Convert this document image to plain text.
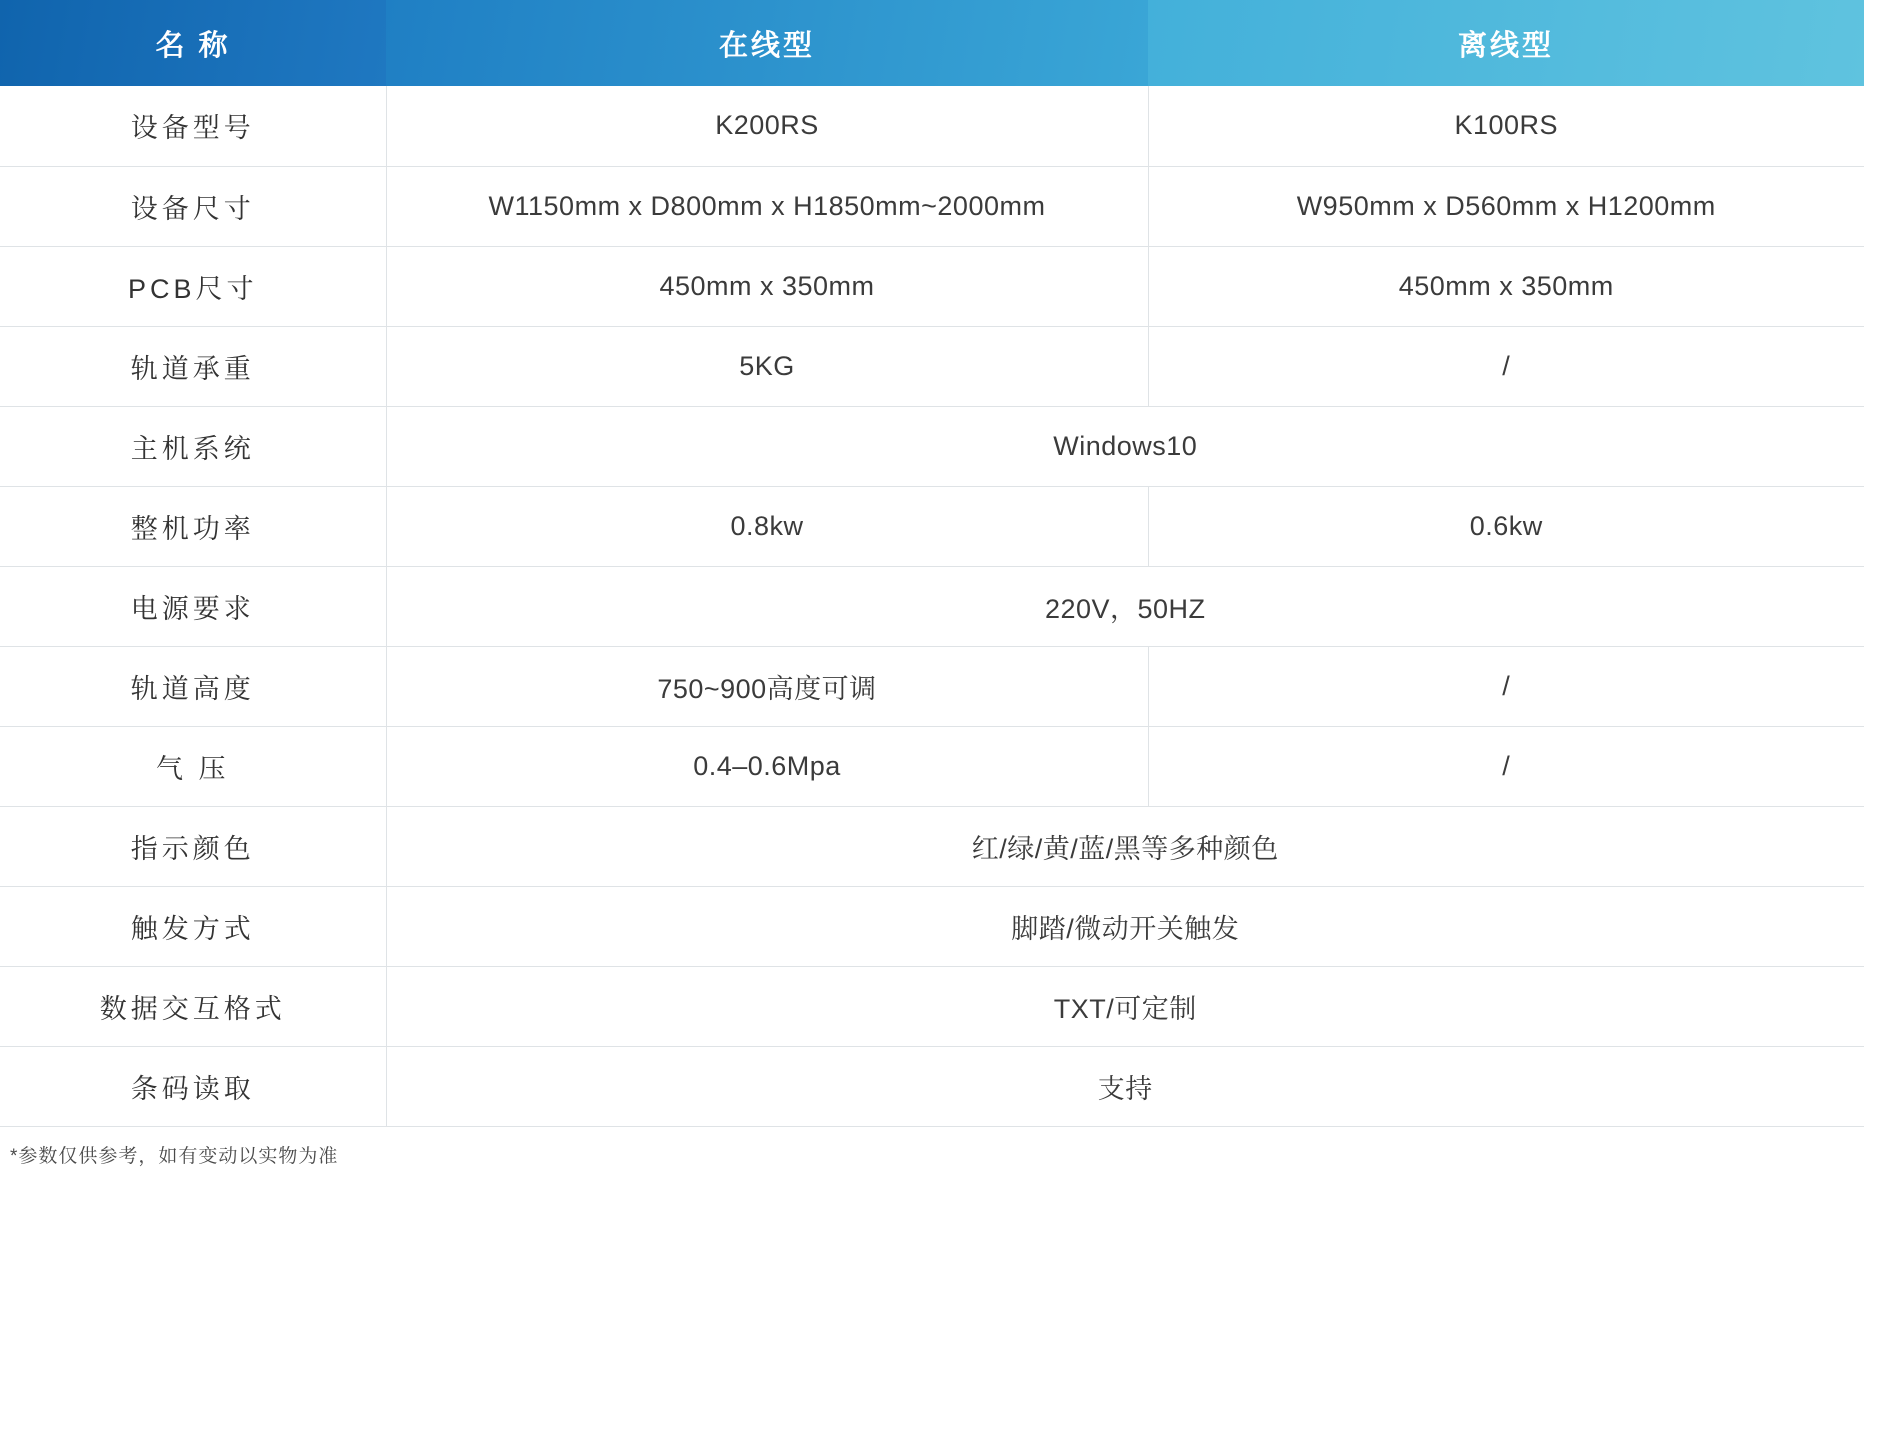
名 称	在线型	离线型
设备型号	K200RS	K100RS
设备尺寸	W1150mm x D800mm x H1850mm~2000mm	W950mm x D560mm x H1200mm
PCB尺寸	450mm x 350mm	450mm x 350mm
轨道承重	5KG	/
主机系统	Windows10	
整机功率	0.8kw	0.6kw
电源要求	220V，50HZ	
轨道高度	750~900高度可调	/
气 压	0.4–0.6Mpa	/
指示颜色	红/绿/黄/蓝/黑等多种颜色	
触发方式	脚踏/微动开关触发	
数据交互格式	TXT/可定制	
条码读取	支持	
*参数仅供参考，如有变动以实物为准
